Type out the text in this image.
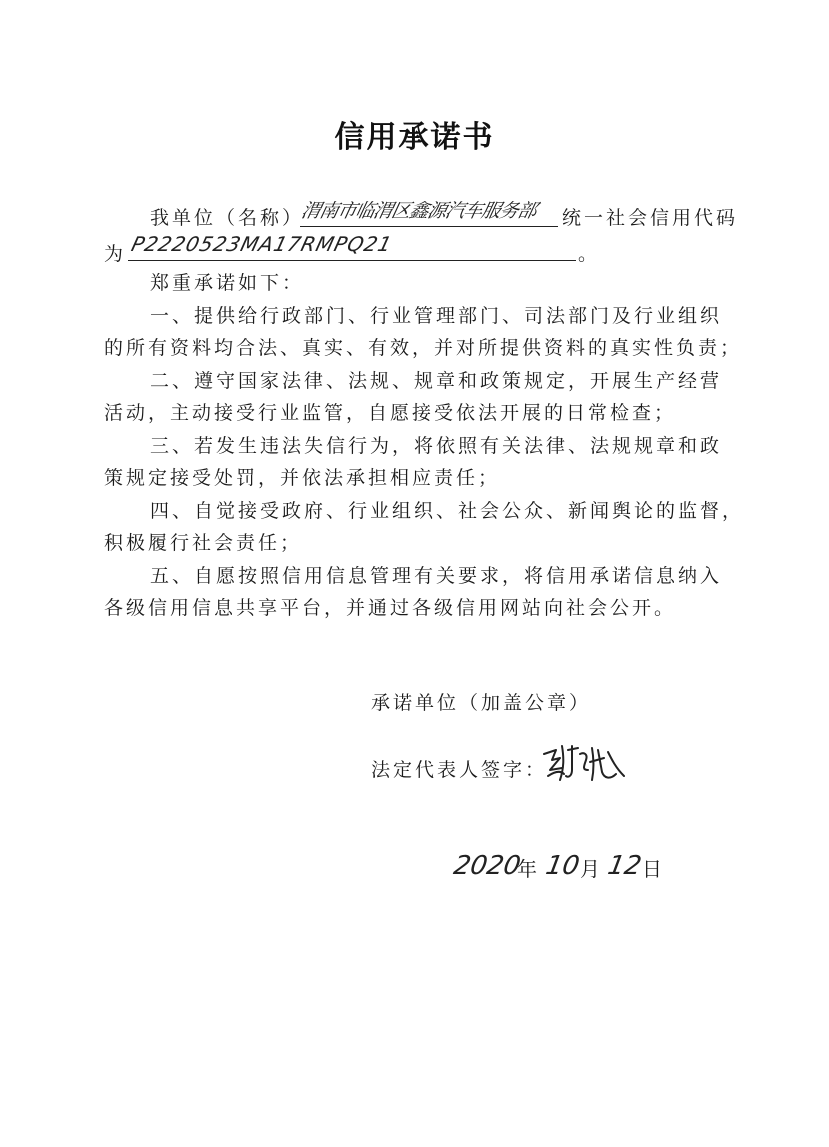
信用承诺书
我单位（名称）
渭南市临渭区鑫源汽车服务部 统一社会信用代码
为 P2220523MA17RMPQ21	。
郑重承诺如下：
一、提供给行政部门、行业管理部门、司法部门及行业组织
的所有资料均合法、真实、有效，并对所提供资料的真实性负责；
二、遵守国家法律、法规、规章和政策规定，开展生产经营
活动，主动接受行业监管，自愿接受依法开展的日常检查；
三、若发生违法失信行为，将依照有关法律、法规规章和政
策规定接受处罚，并依法承担相应责任；
四、自觉接受政府、行业组织、社会公众、新闻舆论的监督，
积极履行社会责任；
五、自愿按照信用信息管理有关要求，将信用承诺信息纳入
各级信用信息共享平台，并通过各级信用网站向社会公开。
承诺单位（加盖公章）
法定代表人签字：
2020
年 10
月 12
日
